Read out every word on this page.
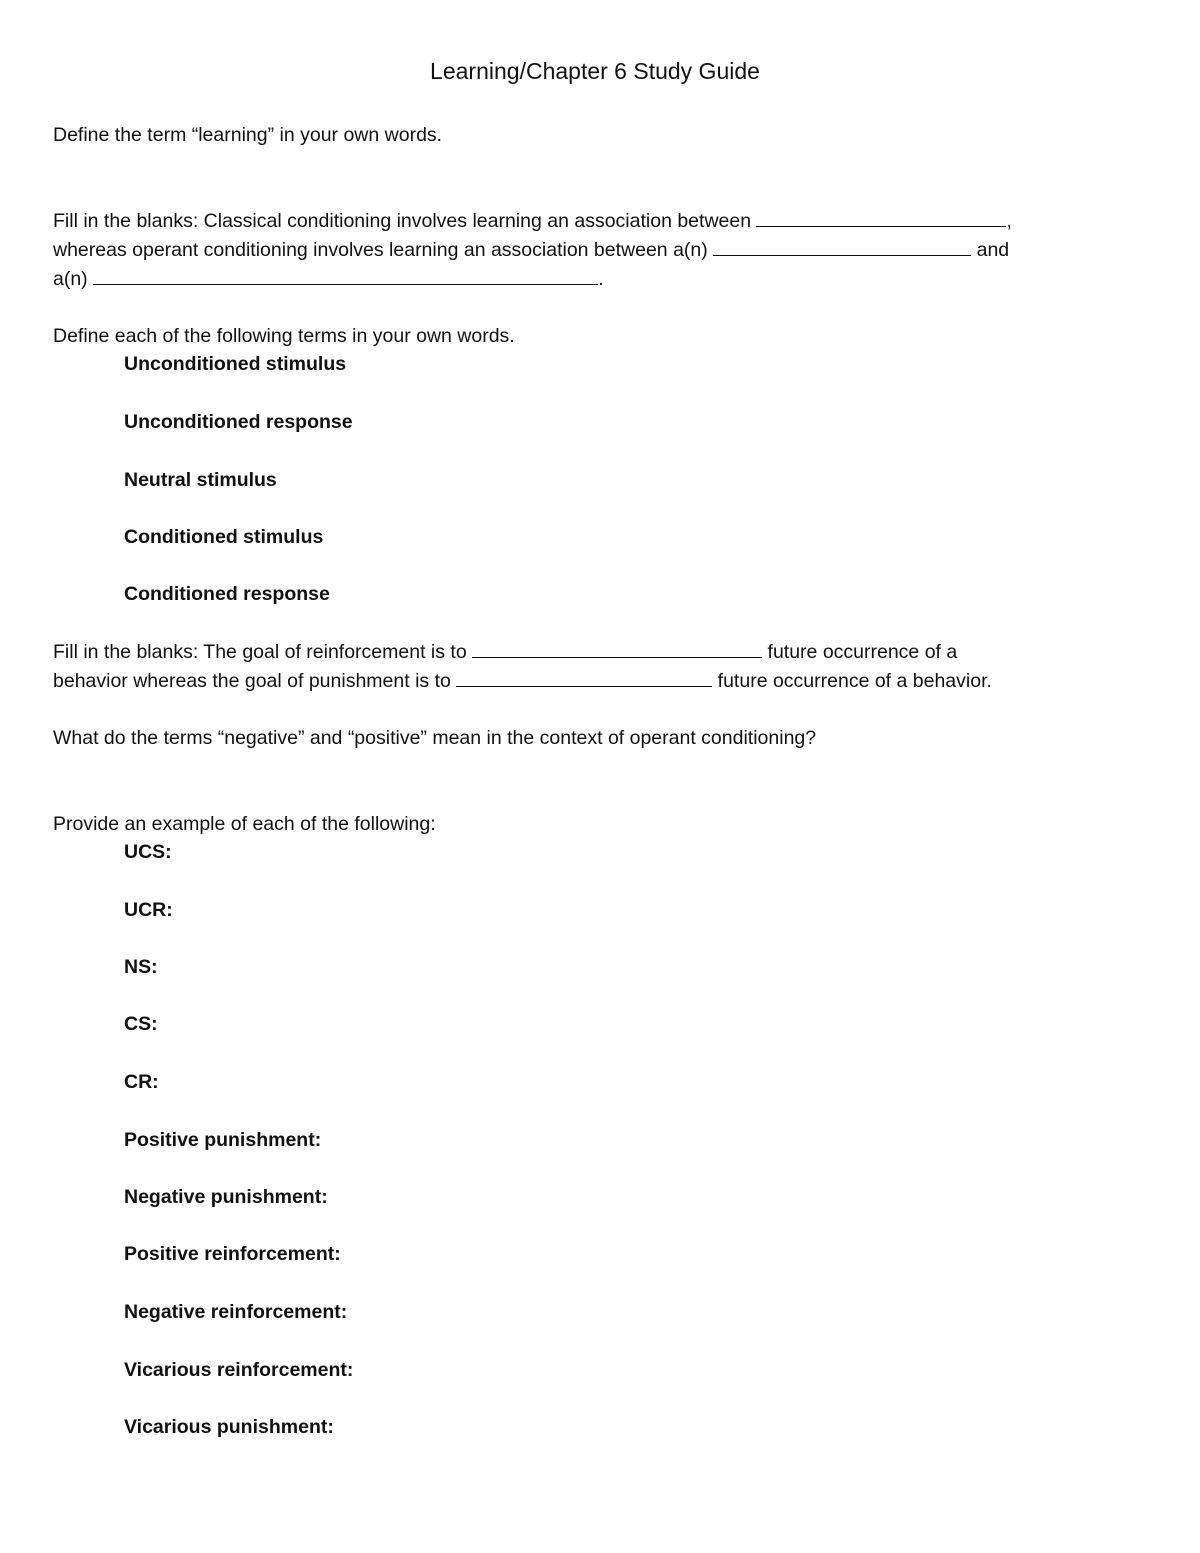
Learning/Chapter 6 Study Guide
Define the term “learning” in your own words.
Fill in the blanks: Classical conditioning involves learning an association between	,
whereas operant conditioning involves learning an association between a(n)	and
a(n)	.
Define each of the following terms in your own words.
Unconditioned stimulus
Unconditioned response
Neutral stimulus
Conditioned stimulus
Conditioned response
Fill in the blanks: The goal of reinforcement is to	future occurrence of a
behavior whereas the goal of punishment is to	future occurrence of a behavior.
What do the terms “negative” and “positive” mean in the context of operant conditioning?
Provide an example of each of the following:
UCS:
UCR:
NS:
CS:
CR:
Positive punishment:
Negative punishment:
Positive reinforcement:
Negative reinforcement:
Vicarious reinforcement:
Vicarious punishment:
